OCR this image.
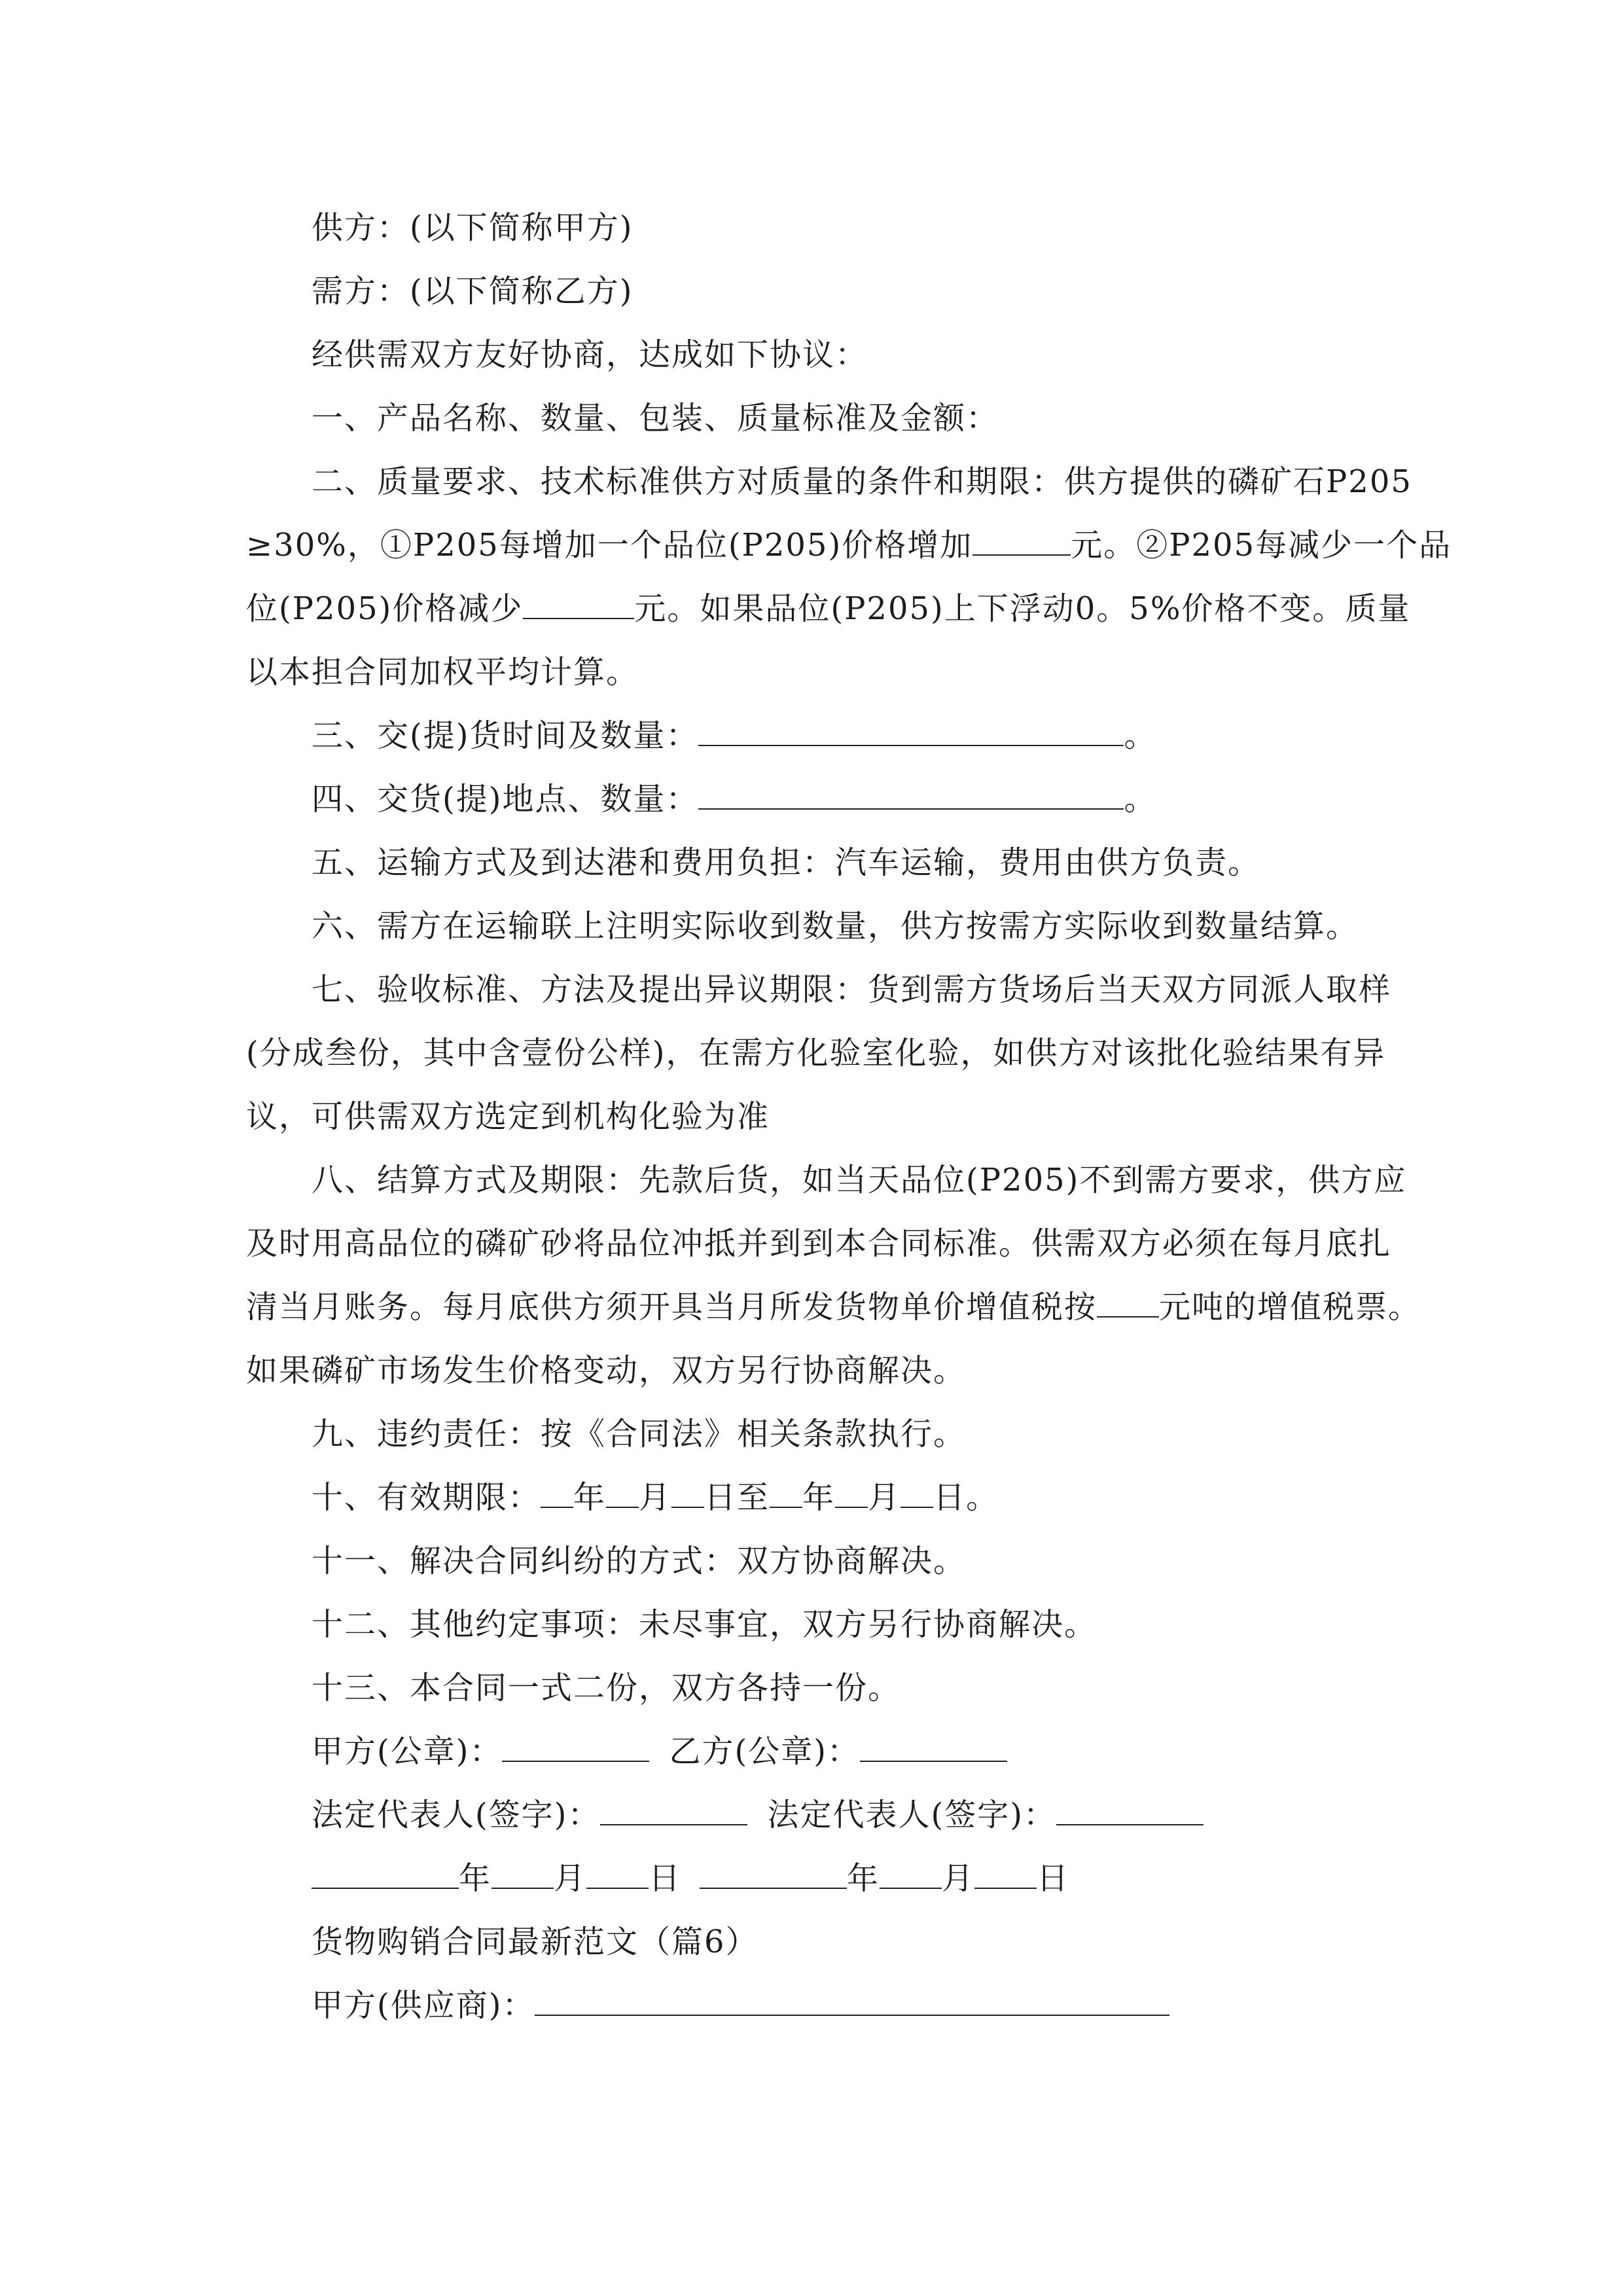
供方：(以下简称甲方)
需方：(以下简称乙方)
经供需双方友好协商，达成如下协议：
一、产品名称、数量、包装、质量标准及金额：
二、质量要求、技术标准供方对质量的条件和期限：供方提供的磷矿石P205
≥30%，①P205每增加一个品位(P205)价格增加	元。②P205每减少一个品
位(P205)价格减少	元。如果品位(P205)上下浮动0。5%价格不变。质量
以本担合同加权平均计算。
三、交(提)货时间及数量：	。
四、交货(提)地点、数量：	。
五、运输方式及到达港和费用负担：汽车运输，费用由供方负责。
六、需方在运输联上注明实际收到数量，供方按需方实际收到数量结算。
七、验收标准、方法及提出异议期限：货到需方货场后当天双方同派人取样
(分成叁份，其中含壹份公样)，在需方化验室化验，如供方对该批化验结果有异
议，可供需双方选定到机构化验为准
八、结算方式及期限：先款后货，如当天品位(P205)不到需方要求，供方应
及时用高品位的磷矿砂将品位冲抵并到到本合同标准。供需双方必须在每月底扎
清当月账务。每月底供方须开具当月所发货物单价增值税按 元吨的增值税票。
如果磷矿市场发生价格变动，双方另行协商解决。
九、违约责任：按《合同法》相关条款执行。
十、有效期限： 年 月 日至 年 月 日。
十一、解决合同纠纷的方式：双方协商解决。
十二、其他约定事项：未尽事宜，双方另行协商解决。
十三、本合同一式二份，双方各持一份。
甲方(公章)：	乙方(公章)：
法定代表人(签字)：	法定代表人(签字)：
年 月 日	年 月 日
货物购销合同最新范文（篇6）
甲方(供应商)：
